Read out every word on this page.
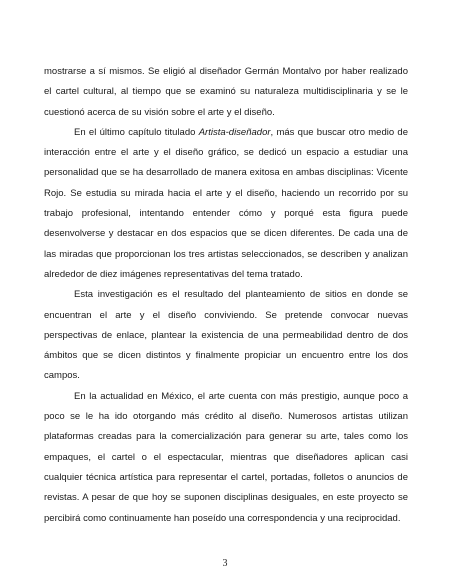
mostrarse a sí mismos. Se eligió al diseñador Germán Montalvo por haber realizado el cartel cultural, al tiempo que se examinó su naturaleza multidisciplinaria y se le cuestionó acerca de su visión sobre el arte y el diseño.

En el último capítulo titulado Artista-diseñador, más que buscar otro medio de interacción entre el arte y el diseño gráfico, se dedicó un espacio a estudiar una personalidad que se ha desarrollado de manera exitosa en ambas disciplinas: Vicente Rojo. Se estudia su mirada hacia el arte y el diseño, haciendo un recorrido por su trabajo profesional, intentando entender cómo y porqué esta figura puede desenvolverse y destacar en dos espacios que se dicen diferentes. De cada una de las miradas que proporcionan los tres artistas seleccionados, se describen y analizan alrededor de diez imágenes representativas del tema tratado.

Esta investigación es el resultado del planteamiento de sitios en donde se encuentran el arte y el diseño conviviendo. Se pretende convocar nuevas perspectivas de enlace, plantear la existencia de una permeabilidad dentro de dos ámbitos que se dicen distintos y finalmente propiciar un encuentro entre los dos campos.

En la actualidad en México, el arte cuenta con más prestigio, aunque poco a poco se le ha ido otorgando más crédito al diseño. Numerosos artistas utilizan plataformas creadas para la comercialización para generar su arte, tales como los empaques, el cartel o el espectacular, mientras que diseñadores aplican casi cualquier técnica artística para representar el cartel, portadas, folletos o anuncios de revistas. A pesar de que hoy se suponen disciplinas desiguales, en este proyecto se percibirá como continuamente han poseído una correspondencia y una reciprocidad.

3
